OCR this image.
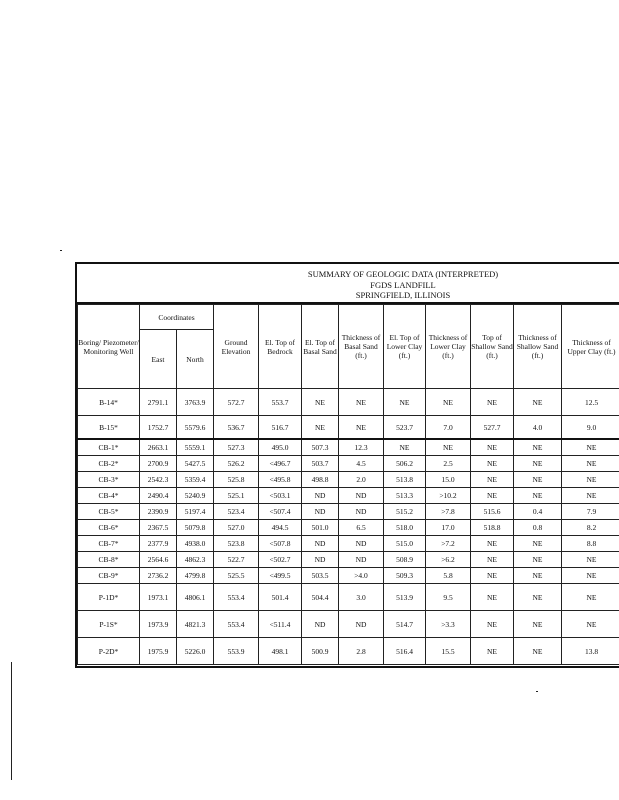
SUMMARY OF GEOLOGIC DATA (INTERPRETED)
FGDS LANDFILL
SPRINGFIELD, ILLINOIS
Boring/ Piezometer/ Monitoring Well	Coordinates		Ground Elevation	El. Top of Bedrock	El. Top of Basal Sand	Thickness of Basal Sand (ft.)	El. Top of Lower Clay (ft.)	Thickness of Lower Clay (ft.)	Top of Shallow Sand (ft.)	Thickness of Shallow Sand (ft.)	Thickness of Upper Clay (ft.)
	East	North									
B-14*	2791.1	3763.9	572.7	553.7	NE	NE	NE	NE	NE	NE	12.5
B-15*	1752.7	5579.6	536.7	516.7	NE	NE	523.7	7.0	527.7	4.0	9.0
CB-1*	2663.1	5559.1	527.3	495.0	507.3	12.3	NE	NE	NE	NE	NE
CB-2*	2700.9	5427.5	526.2	<496.7	503.7	4.5	506.2	2.5	NE	NE	NE
CB-3*	2542.3	5359.4	525.8	<495.8	498.8	2.0	513.8	15.0	NE	NE	NE
CB-4*	2490.4	5240.9	525.1	<503.1	ND	ND	513.3	>10.2	NE	NE	NE
CB-5*	2390.9	5197.4	523.4	<507.4	ND	ND	515.2	>7.8	515.6	0.4	7.9
CB-6*	2367.5	5079.8	527.0	494.5	501.0	6.5	518.0	17.0	518.8	0.8	8.2
CB-7*	2377.9	4938.0	523.8	<507.8	ND	ND	515.0	>7.2	NE	NE	8.8
CB-8*	2564.6	4862.3	522.7	<502.7	ND	ND	508.9	>6.2	NE	NE	NE
CB-9*	2736.2	4799.8	525.5	<499.5	503.5	>4.0	509.3	5.8	NE	NE	NE
P-1D*	1973.1	4806.1	553.4	501.4	504.4	3.0	513.9	9.5	NE	NE	NE
P-1S*	1973.9	4821.3	553.4	<511.4	ND	ND	514.7	>3.3	NE	NE	NE
P-2D*	1975.9	5226.0	553.9	498.1	500.9	2.8	516.4	15.5	NE	NE	13.8
